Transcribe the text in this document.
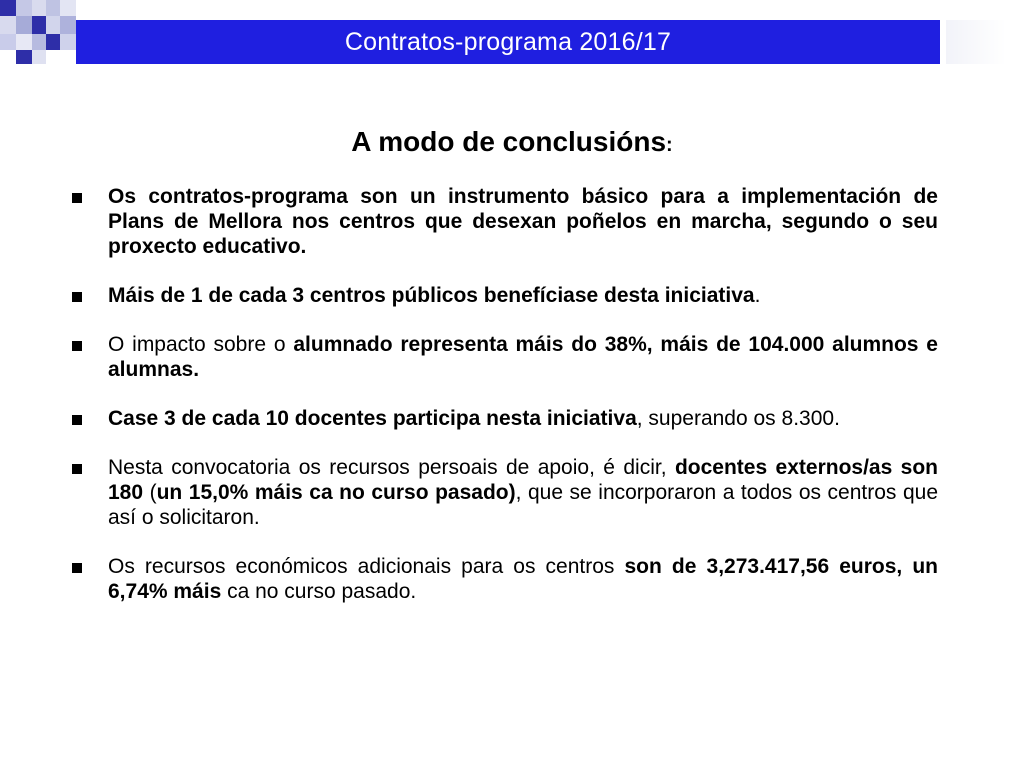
Contratos-programa 2016/17
A modo de conclusións:
Os contratos-programa son un instrumento básico para a implementación de Plans de Mellora nos centros que desexan poñelos en marcha, segundo o seu proxecto educativo.
Máis de 1 de cada 3 centros públicos benefíciase desta iniciativa.
O impacto sobre o alumnado representa máis do 38%, máis de 104.000 alumnos e alumnas.
Case 3 de cada 10 docentes participa nesta iniciativa, superando os 8.300.
Nesta convocatoria os recursos persoais de apoio, é dicir, docentes externos/as son 180 (un 15,0% máis ca no curso pasado), que se incorporaron a todos os centros que así o solicitaron.
Os recursos económicos adicionais para os centros son de 3,273.417,56 euros, un 6,74% máis ca no curso pasado.
